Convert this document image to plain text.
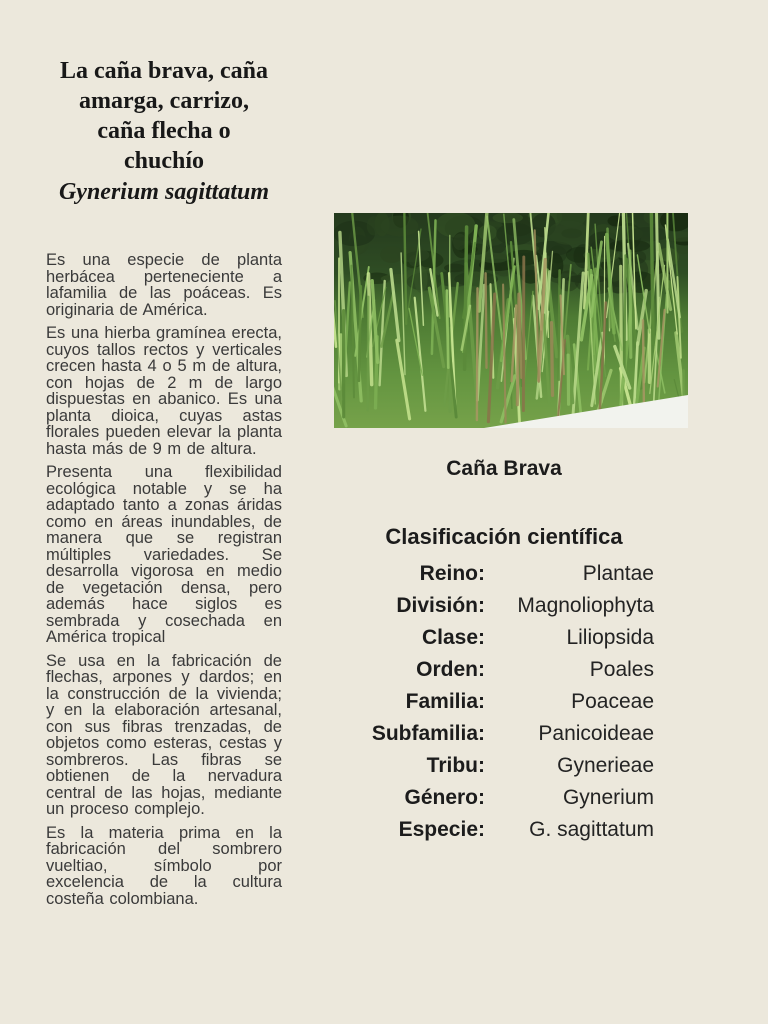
La caña brava, caña
amarga, carrizo,
caña flecha o
chuchío
Gynerium sagittatum

Es una especie de planta herbácea perteneciente a lafamilia de las poáceas. Es originaria de América.

Es una hierba gramínea erecta, cuyos tallos rectos y verticales crecen hasta 4 o 5 m de altura, con hojas de 2 m de largo dispuestas en abanico. Es una planta dioica, cuyas astas florales pueden elevar la planta hasta más de 9 m de altura.

Presenta una flexibilidad ecológica notable y se ha adaptado tanto a zonas áridas como en áreas inundables, de manera que se registran múltiples variedades. Se desarrolla vigorosa en medio de vegetación densa, pero además hace siglos es sembrada y cosechada en América tropical

Se usa en la fabricación de flechas, arpones y dardos; en la construcción de la vivienda; y en la elaboración artesanal, con sus fibras trenzadas, de objetos como esteras, cestas y sombreros. Las fibras se obtienen de la nervadura central de las hojas, mediante un proceso complejo.

Es la materia prima en la fabricación del sombrero vueltiao, símbolo por excelencia de la cultura costeña colombiana.

Caña Brava
Clasificación científica
Reino:	Plantae
División:	Magnoliophyta
Clase:	Liliopsida
Orden:	Poales
Familia:	Poaceae
Subfamilia:	Panicoideae
Tribu:	Gynerieae
Género:	Gynerium
Especie:	G. sagittatum
